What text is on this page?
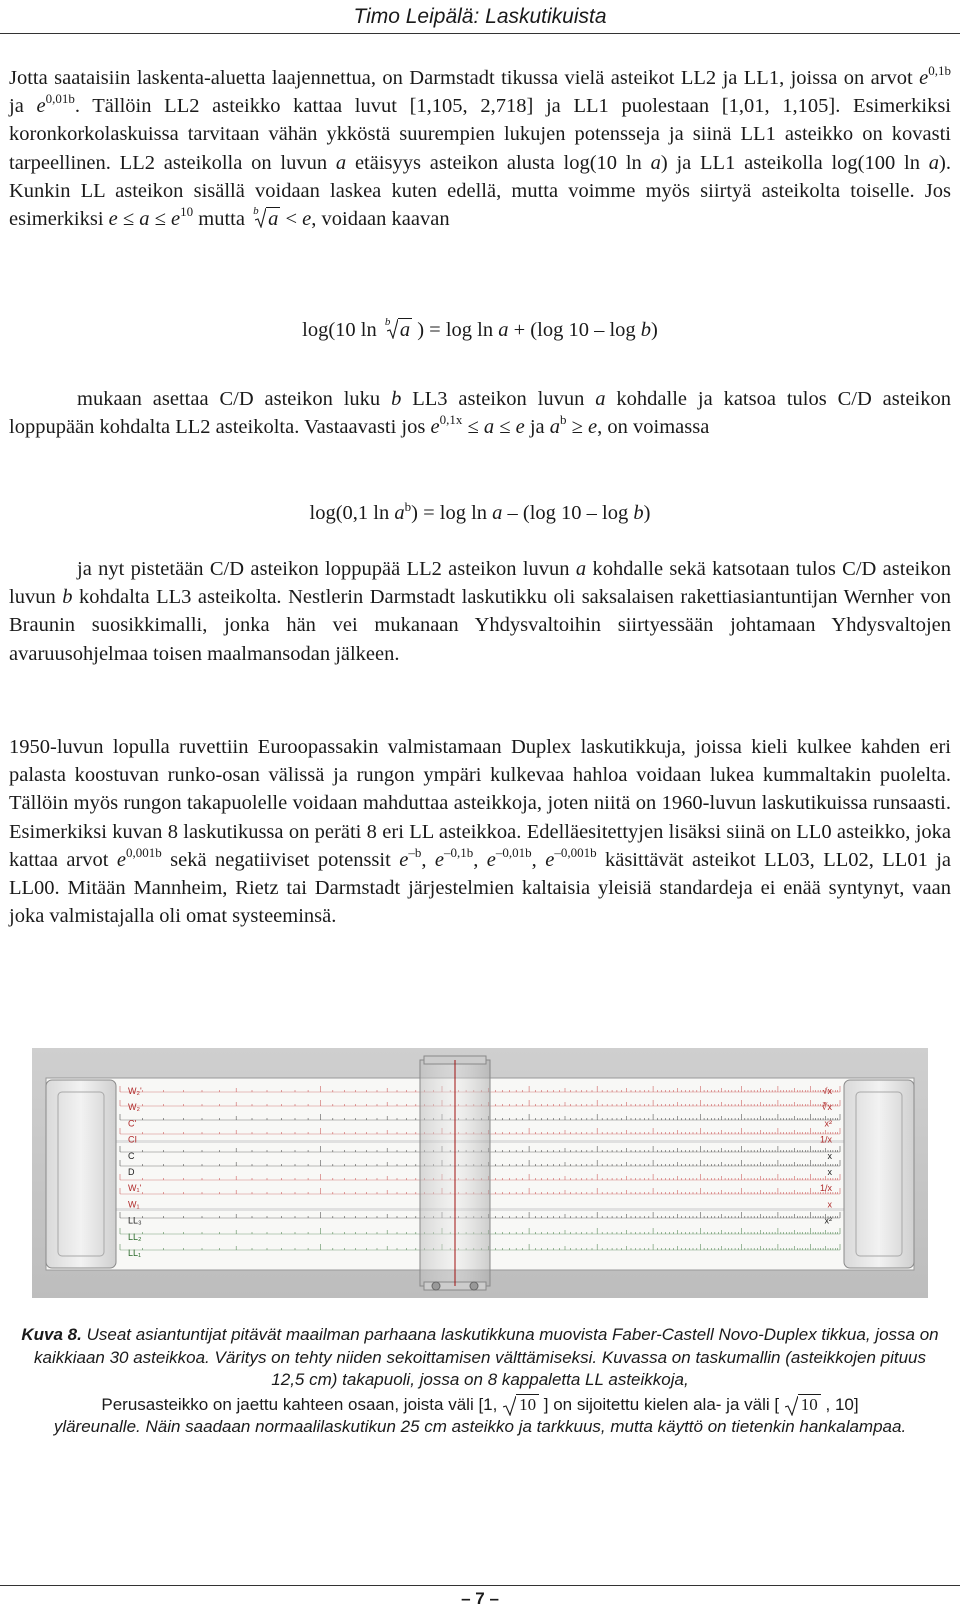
Timo Leipälä: Laskutikuista

Jotta saataisiin laskenta-aluetta laajennettua, on Darmstadt tikussa vielä asteikot LL2 ja LL1, joissa on arvot $e^{0,1b}$ ja $e^{0,01b}$. Tällöin LL2 asteikko kattaa luvut [1,105, 2,718] ja LL1 puolestaan [1,01, 1,105]. Esimerkiksi koronkorkolaskuissa tarvitaan vähän ykköstä suurempien lukujen potensseja ja siinä LL1 asteikko on kovasti tarpeellinen. LL2 asteikolla on luvun a etäisyys asteikon alusta log(10 ln a) ja LL1 asteikolla log(100 ln a). Kunkin LL asteikon sisällä voidaan laskea kuten edellä, mutta voimme myös siirtyä asteikolta toiselle. Jos esimerkiksi $e \le a \le e^{10}$ mutta b a < e, voidaan kaavan

log(10 ln b a ) = log ln a + (log 10 – log b)

mukaan asettaa C/D asteikon luku b LL3 asteikon luvun a kohdalle ja katsoa tulos C/D asteikon loppupään kohdalta LL2 asteikolta. Vastaavasti jos $e^{0,1x} \le a \le e$ ja $a^b \ge e$, on voimassa

log(0,1 $\ln a^b) = \log \ln a - (\log$ 10 – log b)

ja nyt pistetään C/D asteikon loppupää LL2 asteikon luvun a kohdalle sekä katsotaan tulos C/D asteikon luvun b kohdalta LL3 asteikolta. Nestlerin Darmstadt laskutikku oli saksalaisen rakettiasiantuntijan Wernher von Braunin suosikkimalli, jonka hän vei mukanaan Yhdysvaltoihin siirtyessään johtamaan Yhdysvaltojen avaruusohjelmaa toisen maalmansodan jälkeen.

1950-luvun lopulla ruvettiin Euroopassakin valmistamaan Duplex laskutikkuja, joissa kieli kulkee kahden eri palasta koostuvan runko-osan välissä ja rungon ympäri kulkevaa hahloa voidaan lukea kummaltakin puolelta. Tällöin myös rungon takapuolelle voidaan mahduttaa asteikkoja, joten niitä on 1960-luvun laskutikuissa runsaasti. Esimerkiksi kuvan 8 laskutikussa on peräti 8 eri LL asteikkoa. Edelläesitettyjen lisäksi siinä on LL0 asteikko, joka kattaa arvot $e^{0,001b}$ sekä negatiiviset potenssit $e^{-b}$, $e^{-0,1b}$, $e^{-0,01b}$, $e^{-0,001b}$ käsittävät asteikot LL03, LL02, LL01 ja LL00. Mitään Mannheim, Rietz tai Darmstadt järjestelmien kaltaisia yleisiä standardeja ei enää syntynyt, vaan joka valmistajalla oli omat systeeminsä.

W₂'
W₂
C'
CI
C
D
W₁'
W₁
LL₃
LL₂
LL₁
√x
∛x
x²
1/x
x
x
1/x
x
x²
Kuva 8. Useat asiantuntijat pitävät maailman parhaana laskutikkuna muovista Faber-Castell Novo-Duplex tikkua, jossa on kaikkiaan 30 asteikkoa. Väritys on tehty niiden sekoittamisen välttämiseksi. Kuvassa on taskumallin (asteikkojen pituus 12,5 cm) takapuoli, jossa on 8 kappaletta LL asteikkoja,
Perusasteikko on jaettu kahteen osaan, joista väli [1,
10 ] on sijoitettu kielen ala- ja väli [
10 , 10]
yläreunalle. Näin saadaan normaalilaskutikun 25 cm asteikko ja tarkkuus, mutta käyttö on tietenkin hankalampaa.
– 7 –
